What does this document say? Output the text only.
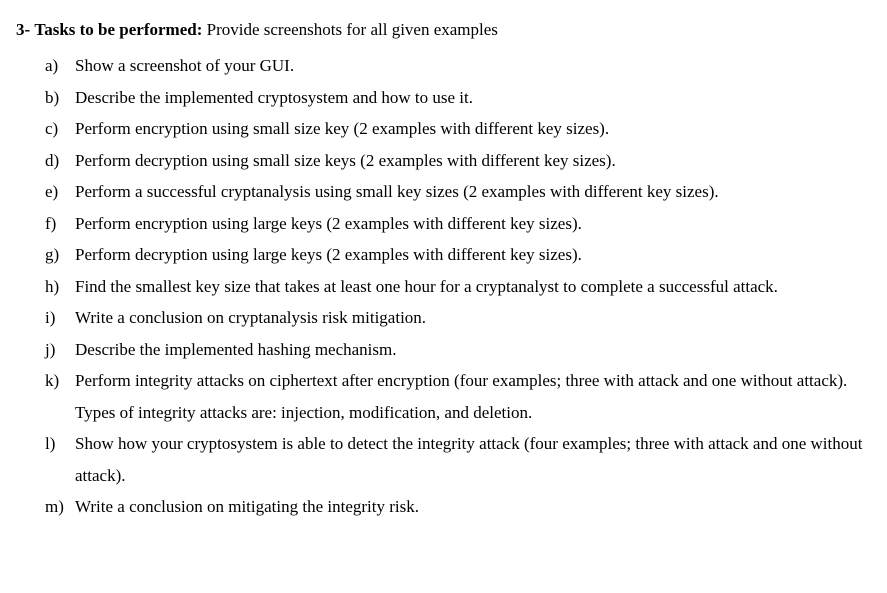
3- Tasks to be performed: Provide screenshots for all given examples
a) Show a screenshot of your GUI.
b) Describe the implemented cryptosystem and how to use it.
c) Perform encryption using small size key (2 examples with different key sizes).
d) Perform decryption using small size keys (2 examples with different key sizes).
e) Perform a successful cryptanalysis using small key sizes (2 examples with different key sizes).
f)	Perform encryption using large keys (2 examples with different key sizes).
g) Perform decryption using large keys (2 examples with different key sizes).
h) Find the smallest key size that takes at least one hour for a cryptanalyst to complete a successful attack.
i)	Write a conclusion on cryptanalysis risk mitigation.
j)	Describe the implemented hashing mechanism.
k) Perform integrity attacks on ciphertext after encryption (four examples; three with attack and one without attack). Types of integrity attacks are: injection, modification, and deletion.
l)	Show how your cryptosystem is able to detect the integrity attack (four examples; three with attack and one without attack).
m) Write a conclusion on mitigating the integrity risk.
